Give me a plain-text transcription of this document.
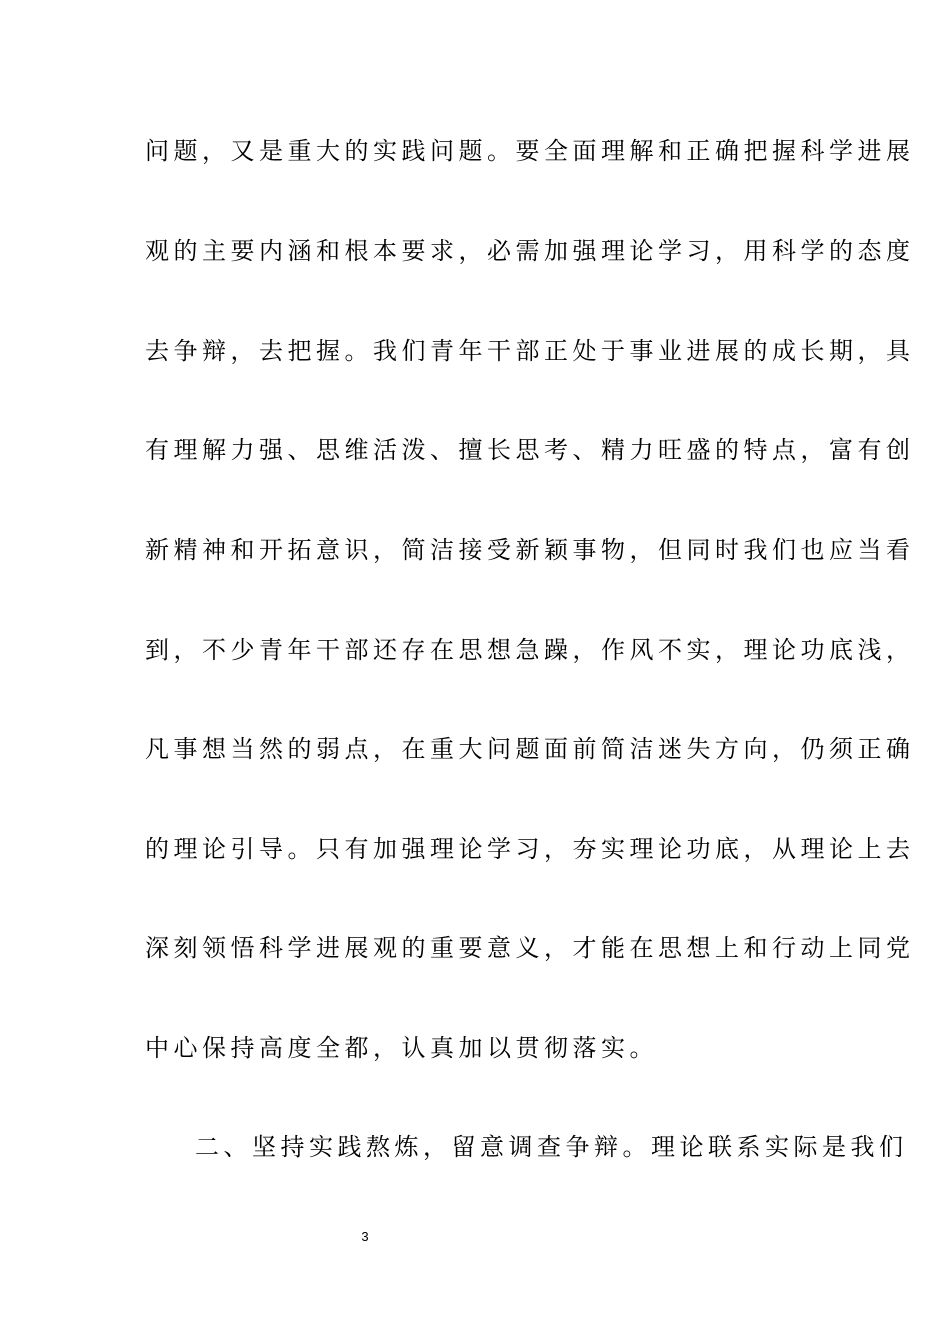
问题，又是重大的实践问题。要全面理解和正确把握科学进展
观的主要内涵和根本要求，必需加强理论学习，用科学的态度
去争辩，去把握。我们青年干部正处于事业进展的成长期，具
有理解力强、思维活泼、擅长思考、精力旺盛的特点，富有创
新精神和开拓意识，简洁接受新颖事物，但同时我们也应当看
到，不少青年干部还存在思想急躁，作风不实，理论功底浅，
凡事想当然的弱点，在重大问题面前简洁迷失方向，仍须正确
的理论引导。只有加强理论学习，夯实理论功底，从理论上去
深刻领悟科学进展观的重要意义，才能在思想上和行动上同党
中心保持高度全都，认真加以贯彻落实。
二、坚持实践熬炼，留意调查争辩。理论联系实际是我们
3
